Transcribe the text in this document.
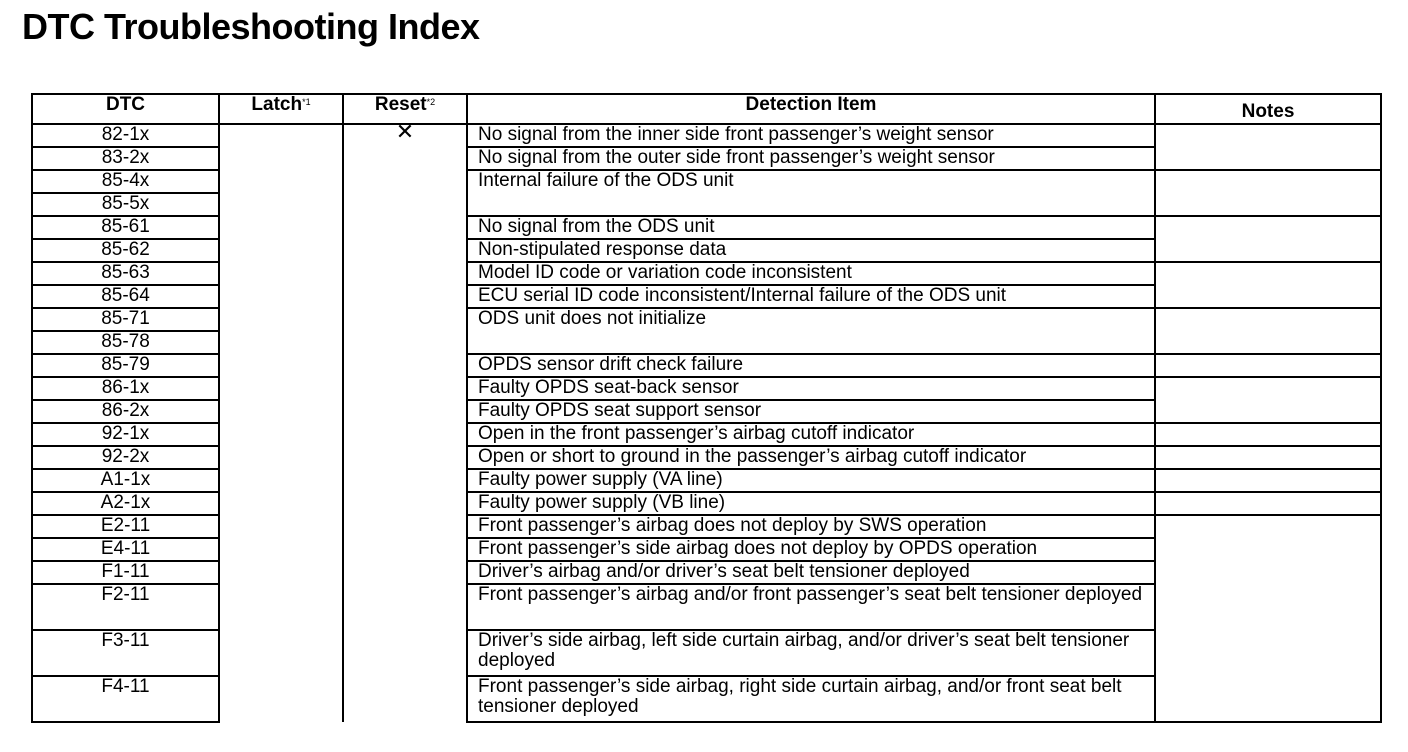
DTC Troubleshooting Index
DTC	Latch$^{*1}$	Reset$^{*2}$	Detection Item	Notes
82-1x		✕	No signal from the inner side front passenger’s weight sensor	
83-2x			No signal from the outer side front passenger’s weight sensor	
85-4x			Internal failure of the ODS unit	
85-5x				
85-61			No signal from the ODS unit	
85-62			Non-stipulated response data	
85-63			Model ID code or variation code inconsistent	
85-64			ECU serial ID code inconsistent/Internal failure of the ODS unit	
85-71			ODS unit does not initialize	
85-78				
85-79			OPDS sensor drift check failure	
86-1x			Faulty OPDS seat-back sensor	
86-2x			Faulty OPDS seat support sensor	
92-1x			Open in the front passenger’s airbag cutoff indicator	
92-2x			Open or short to ground in the passenger’s airbag cutoff indicator	
A1-1x			Faulty power supply (VA line)	
A2-1x			Faulty power supply (VB line)	
E2-11			Front passenger’s airbag does not deploy by SWS operation	
E4-11			Front passenger’s side airbag does not deploy by OPDS operation	
F1-11			Driver’s airbag and/or driver’s seat belt tensioner deployed	
F2-11			Front passenger’s airbag and/or front passenger’s seat belt tensioner deployed	
F3-11			Driver’s side airbag, left side curtain airbag, and/or driver’s seat belt tensioner deployed	
F4-11			Front passenger’s side airbag, right side curtain airbag, and/or front seat belt tensioner deployed	
